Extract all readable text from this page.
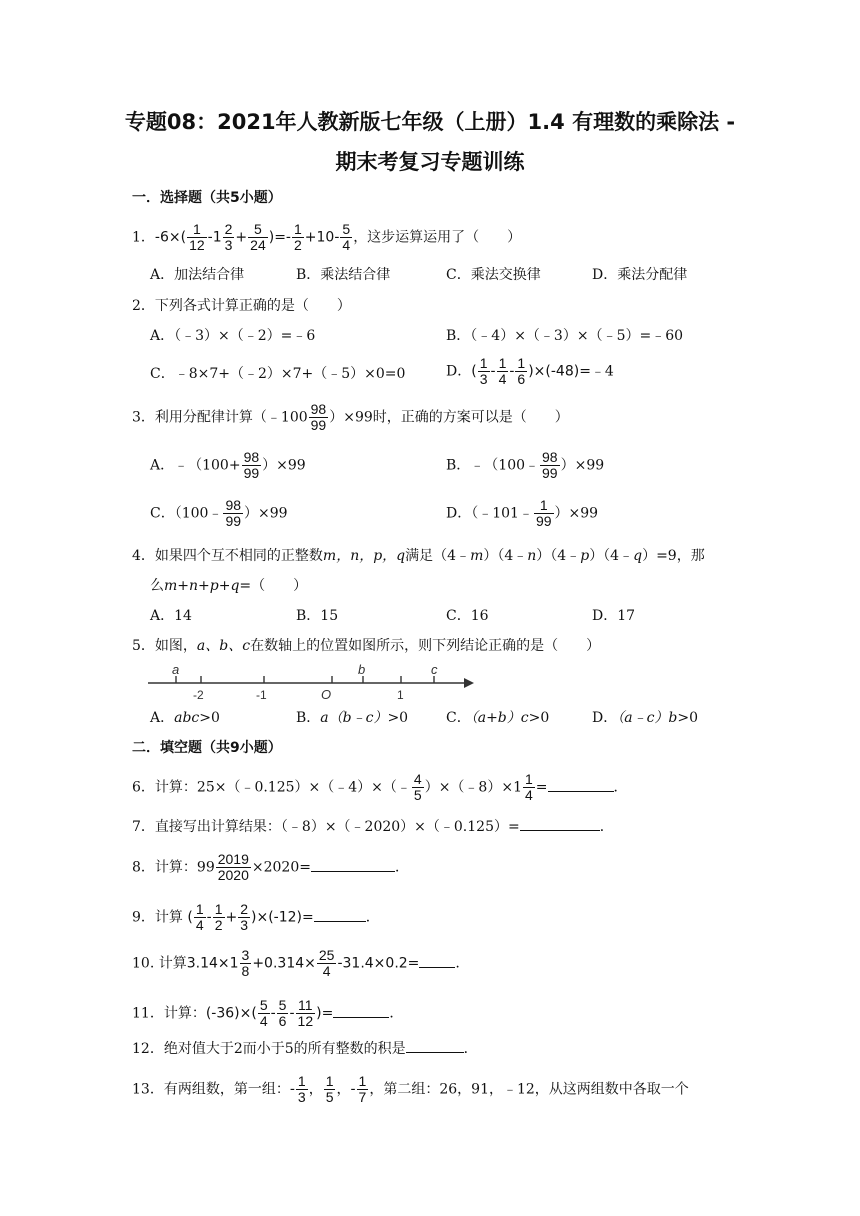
专题08：2021年人教新版七年级（上册）1.4 有理数的乘除法 -
期末考复习专题训练
一．选择题（共5小题）
1．$-6\times( \frac{1}{12} -1 \frac{2}{3} + \frac{5}{24}$ )=- $\frac{1}{2} +10- \frac{5}{4}$ ，这步运算运用了（　　）
A．加法结合律	B．乘法结合律	C．乘法交换律	D．乘法分配律
2．下列各式计算正确的是（　　）
A．（﹣3）×（﹣2）=﹣6	B．（﹣4）×（﹣3）×（﹣5）=﹣60
C．﹣8×7+（﹣2）×7+（﹣5）×0=0	D．( $\frac{1}{3} - \frac{1}{4} - \frac{1}{6}$ )×(-48)=﹣4
3．利用分配律计算（﹣100 $\frac{98}{99} )\times 99$时，正确的方案可以是（　　）
A．﹣（100+ $\frac{98}{99} )\times 99$	B．﹣（100﹣ $\frac{98}{99} )\times 99$
C．（100﹣ $\frac{98}{99} )\times 99$	D．（﹣101﹣ $\frac{1}{99} )\times 99$
4．如果四个互不相同的正整数m，n，p，q满足（4﹣m）（4﹣n）（4﹣p）（4﹣q）=9，那
么m+n+p+q=（　　）
A．14	B．15	C．16	D．17
5．如图，a、b、c在数轴上的位置如图所示，则下列结论正确的是（　　）
a	b	c
-2	-1	O	1
A．abc>0	B．a（b﹣c）>0	C．（a+b）c>0	D．（a﹣c）b>0
二．填空题（共9小题）
6．计算：25×（﹣0.125）×（﹣4）×（﹣ $\frac{4}{5}$ ）×（﹣8）×1 $\frac{1}{4}$ =	．
7．直接写出计算结果：（﹣8）×（﹣2020）×（﹣0.125）=	．
8．计算：$99 \frac{2019}{2020} \times 2020=$	．
9．计算 ( $\frac{1}{4} - \frac{1}{2} + \frac{2}{3} )\times(-12)=$	．
10. 计算$3.14\times 1 \frac{3}{8} +0.314\times \frac{25}{4} -31.4\times 0.2=$	.
11．计算：$(-36)\times( \frac{5}{4} - \frac{5}{6} - \frac{11}{12}$ )=	．
12．绝对值大于2而小于5的所有整数的积是	．
13．有两组数，第一组：- $\frac{1}{3}$ ， $\frac{1}{5}$ ，- $\frac{1}{7}$ ，第二组：26，91，﹣12，从这两组数中各取一个
